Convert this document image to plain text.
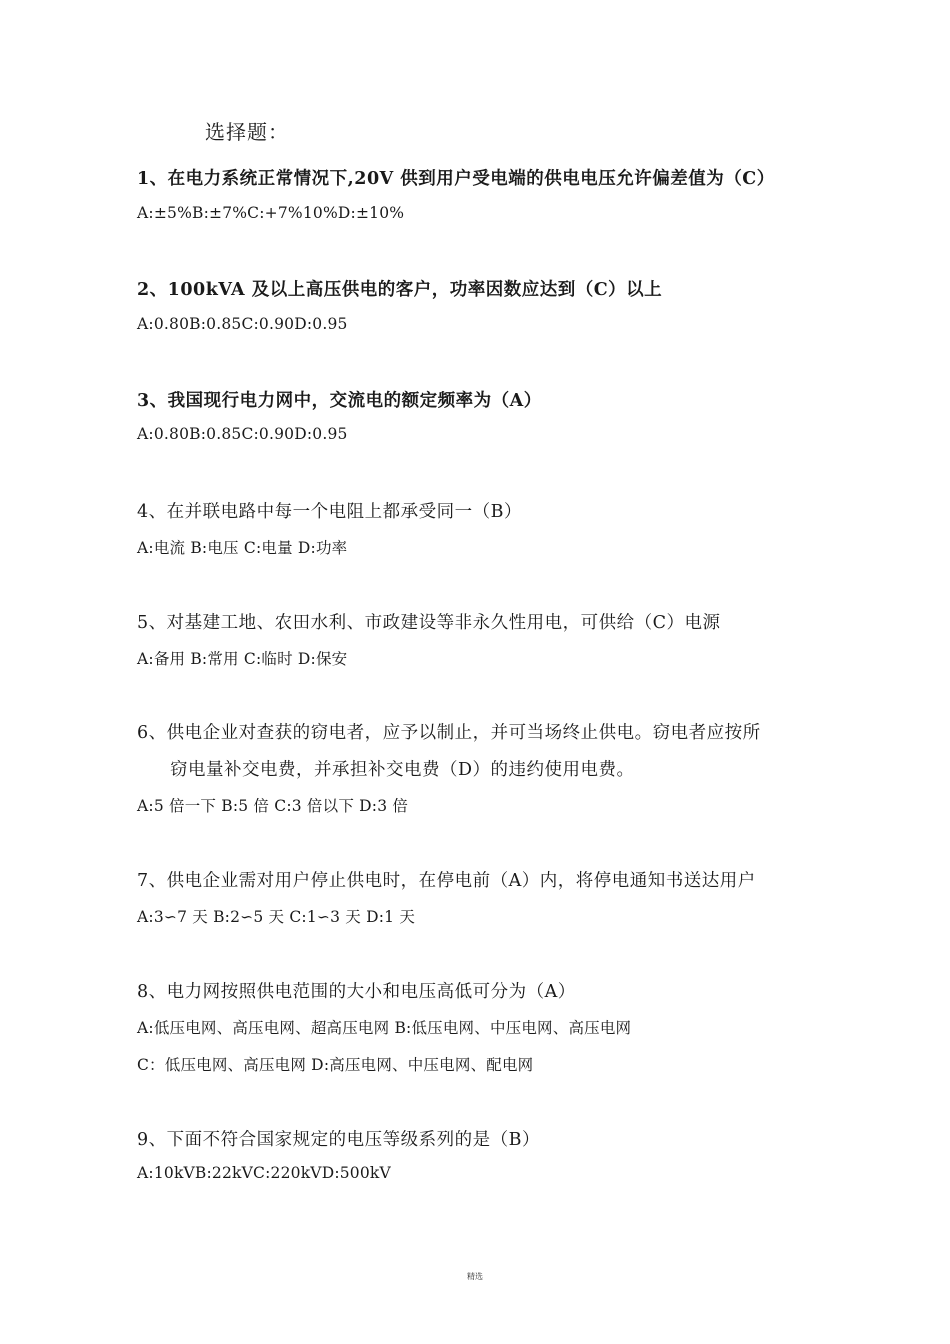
选择题：
1、在电力系统正常情况下,20V 供到用户受电端的供电电压允许偏差值为（C）
A:±5%B:±7%C:+7%10%D:±10%
2、100kVA 及以上高压供电的客户，功率因数应达到（C）以上
A:0.80B:0.85C:0.90D:0.95
3、我国现行电力网中，交流电的额定频率为（A）
A:0.80B:0.85C:0.90D:0.95
4、在并联电路中每一个电阻上都承受同一（B）
A:电流 B:电压 C:电量 D:功率
5、对基建工地、农田水利、市政建设等非永久性用电，可供给（C）电源
A:备用 B:常用 C:临时 D:保安
6、供电企业对查获的窃电者，应予以制止，并可当场终止供电。窃电者应按所
窃电量补交电费，并承担补交电费（D）的违约使用电费。
A:5 倍一下 B:5 倍 C:3 倍以下 D:3 倍
7、供电企业需对用户停止供电时，在停电前（A）内，将停电通知书送达用户
A:3∽7 天 B:2∽5 天 C:1∽3 天 D:1 天
8、电力网按照供电范围的大小和电压高低可分为（A）
A:低压电网、高压电网、超高压电网 B:低压电网、中压电网、高压电网
C：低压电网、高压电网 D:高压电网、中压电网、配电网
9、下面不符合国家规定的电压等级系列的是（B）
A:10kVB:22kVC:220kVD:500kV
精选
